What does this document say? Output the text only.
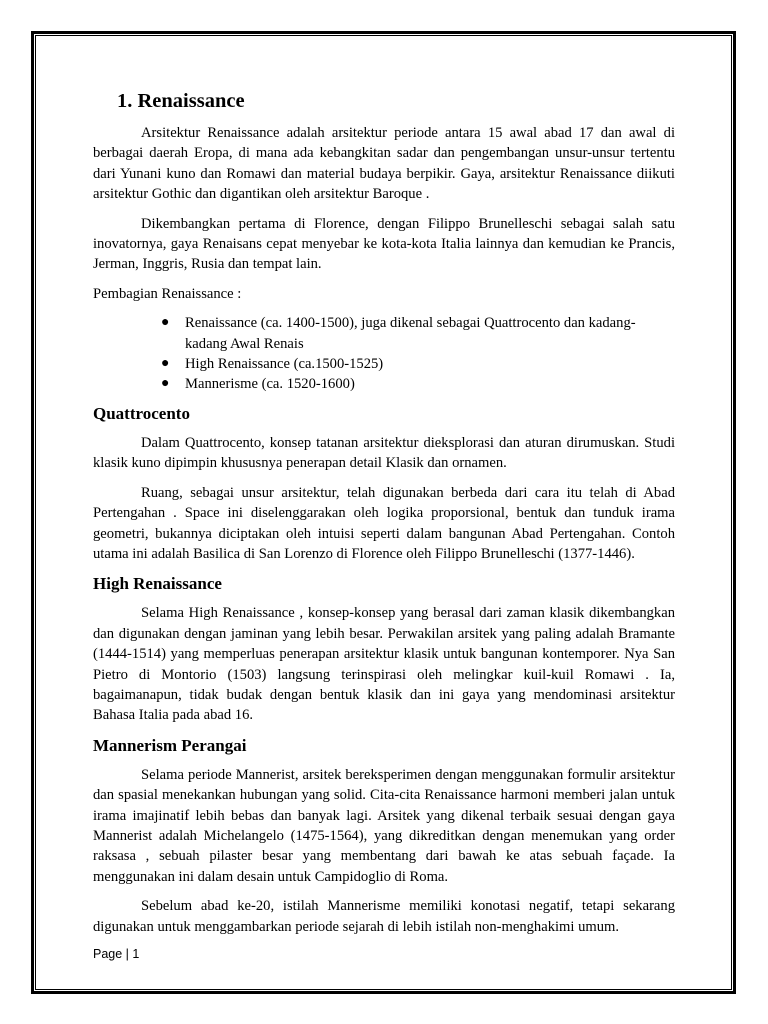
1. Renaissance

Arsitektur Renaissance adalah arsitektur periode antara 15 awal abad 17 dan awal di berbagai daerah Eropa, di mana ada kebangkitan sadar dan pengembangan unsur-unsur tertentu dari Yunani kuno dan Romawi dan material budaya berpikir. Gaya, arsitektur Renaissance diikuti arsitektur Gothic dan digantikan oleh arsitektur Baroque .

Dikembangkan pertama di Florence, dengan Filippo Brunelleschi sebagai salah satu inovatornya, gaya Renaisans cepat menyebar ke kota-kota Italia lainnya dan kemudian ke Prancis, Jerman, Inggris, Rusia dan tempat lain.

Pembagian Renaissance :

● Renaissance (ca. 1400-1500), juga dikenal sebagai Quattrocento dan kadang-kadang Awal Renais
● High Renaissance (ca.1500-1525)
● Mannerisme (ca. 1520-1600)
Quattrocento

Dalam Quattrocento, konsep tatanan arsitektur dieksplorasi dan aturan dirumuskan. Studi klasik kuno dipimpin khususnya penerapan detail Klasik dan ornamen.

Ruang, sebagai unsur arsitektur, telah digunakan berbeda dari cara itu telah di Abad Pertengahan . Space ini diselenggarakan oleh logika proporsional, bentuk dan tunduk irama geometri, bukannya diciptakan oleh intuisi seperti dalam bangunan Abad Pertengahan. Contoh utama ini adalah Basilica di San Lorenzo di Florence oleh Filippo Brunelleschi (1377-1446).

High Renaissance

Selama High Renaissance , konsep-konsep yang berasal dari zaman klasik dikembangkan dan digunakan dengan jaminan yang lebih besar. Perwakilan arsitek yang paling adalah Bramante (1444-1514) yang memperluas penerapan arsitektur klasik untuk bangunan kontemporer. Nya San Pietro di Montorio (1503) langsung terinspirasi oleh melingkar kuil-kuil Romawi . Ia, bagaimanapun, tidak budak dengan bentuk klasik dan ini gaya yang mendominasi arsitektur Bahasa Italia pada abad 16.

Mannerism Perangai

Selama periode Mannerist, arsitek bereksperimen dengan menggunakan formulir arsitektur dan spasial menekankan hubungan yang solid. Cita-cita Renaissance harmoni memberi jalan untuk irama imajinatif lebih bebas dan banyak lagi. Arsitek yang dikenal terbaik sesuai dengan gaya Mannerist adalah Michelangelo (1475-1564), yang dikreditkan dengan menemukan yang order raksasa , sebuah pilaster besar yang membentang dari bawah ke atas sebuah façade. Ia menggunakan ini dalam desain untuk Campidoglio di Roma.

Sebelum abad ke-20, istilah Mannerisme memiliki konotasi negatif, tetapi sekarang digunakan untuk menggambarkan periode sejarah di lebih istilah non-menghakimi umum.

Page | 1
